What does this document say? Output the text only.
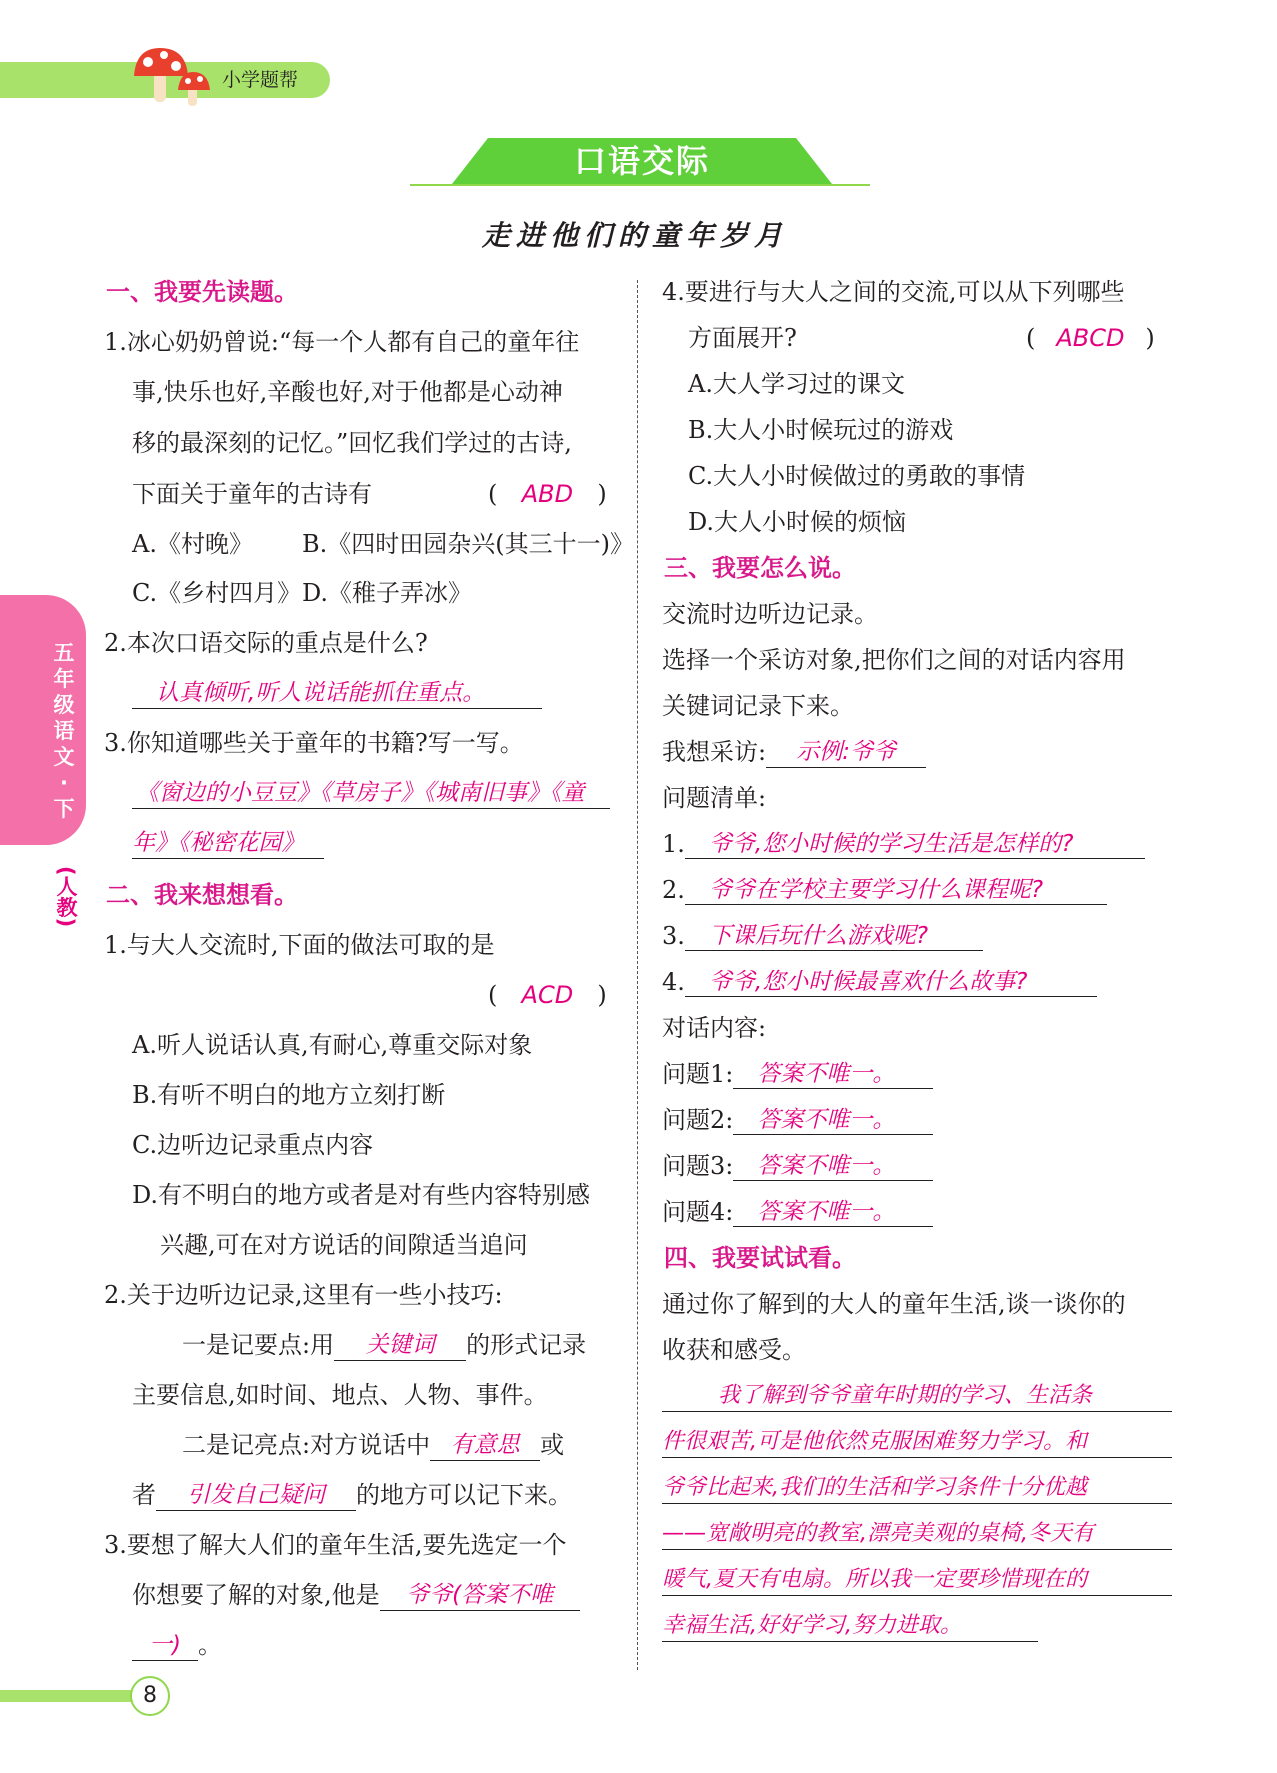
小学题帮
口语交际
走进他们的童年岁月
五
年
级
语
文
·
下
(人教)
8
一、我要先读题。
1.冰心奶奶曾说:“每一个人都有自己的童年往
事,快乐也好,辛酸也好,对于他都是心动神
移的最深刻的记忆。”回忆我们学过的古诗,
下面关于童年的古诗有	( ABD )
A.《村晚》 B.《四时田园杂兴(其三十一)》
C.《乡村四月》 D.《稚子弄冰》
2.本次口语交际的重点是什么?
认真倾听,听人说话能抓住重点。
3.你知道哪些关于童年的书籍?写一写。
《窗边的小豆豆》《草房子》《城南旧事》《童
年》《秘密花园》
二、我来想想看。
1.与大人交流时,下面的做法可取的是
( ACD )
A.听人说话认真,有耐心,尊重交际对象
B.有听不明白的地方立刻打断
C.边听边记录重点内容
D.有不明白的地方或者是对有些内容特别感
兴趣,可在对方说话的间隙适当追问
2.关于边听边记录,这里有一些小技巧:
一是记要点:用 关键词 的形式记录
主要信息,如时间、地点、人物、事件。
二是记亮点:对方说话中 有意思 或
者 引发自己疑问 的地方可以记下来。
3.要想了解大人们的童年生活,要先选定一个
你想要了解的对象,他是 爷爷(答案不唯
一) 。
4.要进行与大人之间的交流,可以从下列哪些
方面展开?	( ABCD )
A.大人学习过的课文
B.大人小时候玩过的游戏
C.大人小时候做过的勇敢的事情
D.大人小时候的烦恼
三、我要怎么说。
交流时边听边记录。
选择一个采访对象,把你们之间的对话内容用
关键词记录下来。
我想采访: 示例:爷爷
问题清单:
1. 爷爷,您小时候的学习生活是怎样的?
2. 爷爷在学校主要学习什么课程呢?
3. 下课后玩什么游戏呢?
4. 爷爷,您小时候最喜欢什么故事?
对话内容:
问题1: 答案不唯一。
问题2: 答案不唯一。
问题3: 答案不唯一。
问题4: 答案不唯一。
四、我要试试看。
通过你了解到的大人的童年生活,谈一谈你的
收获和感受。
我了解到爷爷童年时期的学习、生活条
件很艰苦,可是他依然克服困难努力学习。和
爷爷比起来,我们的生活和学习条件十分优越
——宽敞明亮的教室,漂亮美观的桌椅,冬天有
暖气,夏天有电扇。所以我一定要珍惜现在的
幸福生活,好好学习,努力进取。
